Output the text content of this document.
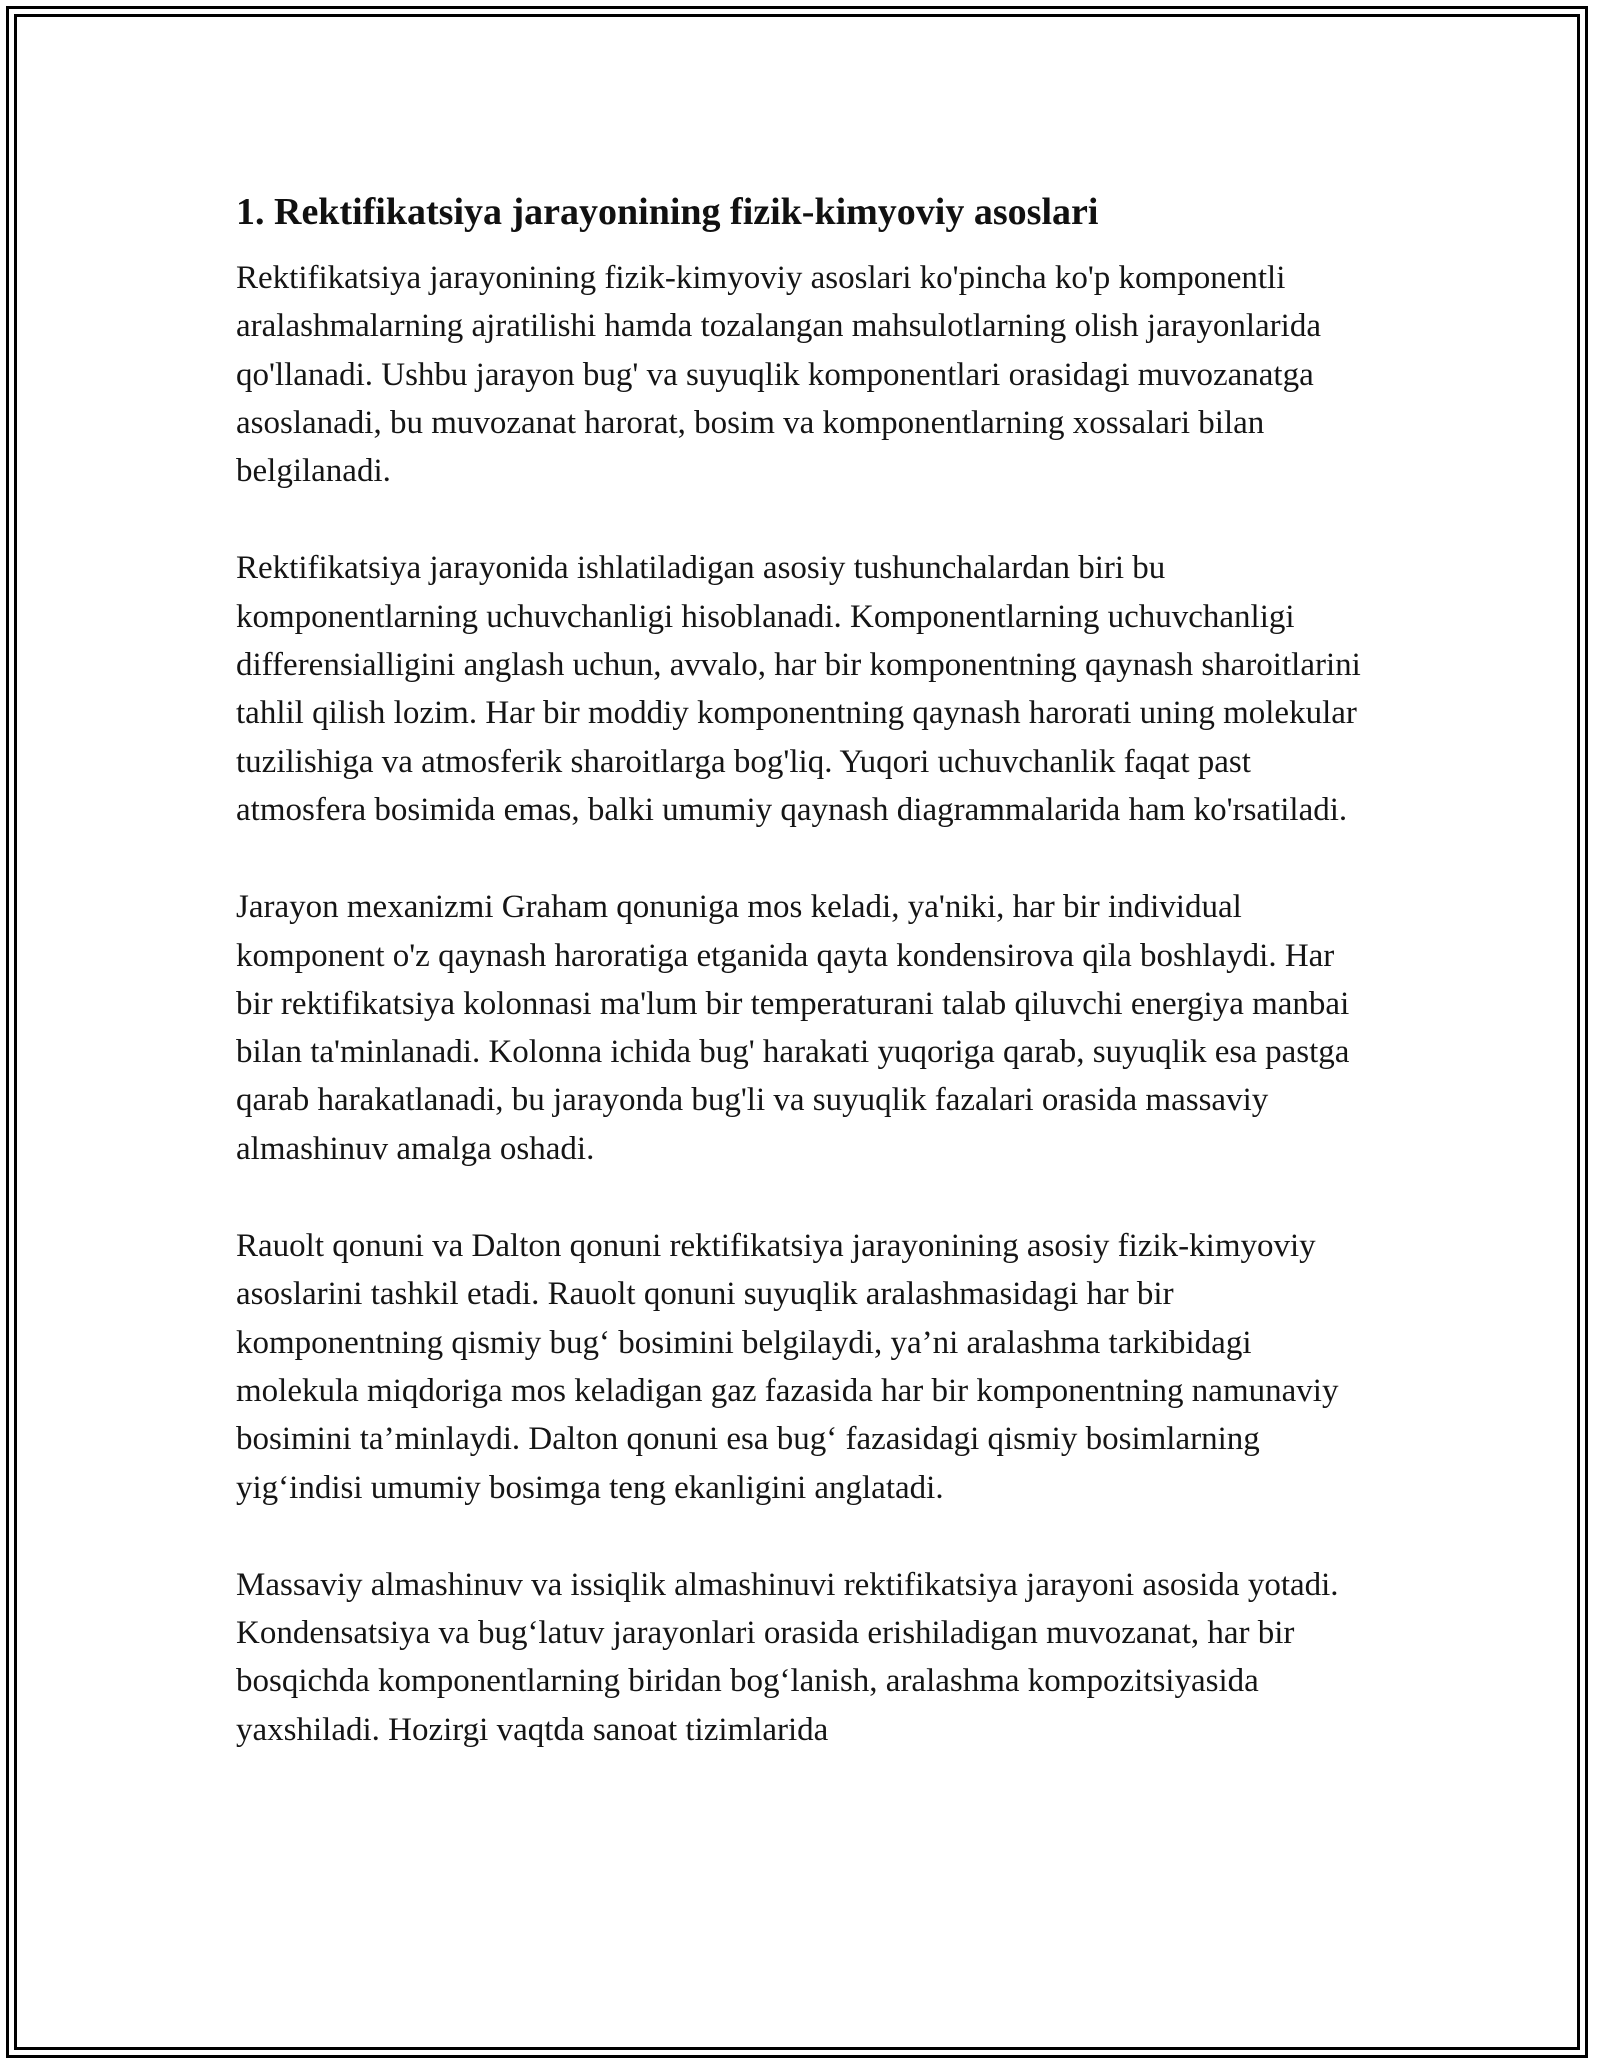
1. Rektifikatsiya jarayonining fizik-kimyoviy asoslari

Rektifikatsiya jarayonining fizik-kimyoviy asoslari ko'pincha ko'p komponentli aralashmalarning ajratilishi hamda tozalangan mahsulotlarning olish jarayonlarida qo'llanadi. Ushbu jarayon bug' va suyuqlik komponentlari orasidagi muvozanatga asoslanadi, bu muvozanat harorat, bosim va komponentlarning xossalari bilan belgilanadi.

Rektifikatsiya jarayonida ishlatiladigan asosiy tushunchalardan biri bu komponentlarning uchuvchanligi hisoblanadi. Komponentlarning uchuvchanligi differensialligini anglash uchun, avvalo, har bir komponentning qaynash sharoitlarini tahlil qilish lozim. Har bir moddiy komponentning qaynash harorati uning molekular tuzilishiga va atmosferik sharoitlarga bog'liq. Yuqori uchuvchanlik faqat past atmosfera bosimida emas, balki umumiy qaynash diagrammalarida ham ko'rsatiladi.

Jarayon mexanizmi Graham qonuniga mos keladi, ya'niki, har bir individual komponent o'z qaynash haroratiga etganida qayta kondensirova qila boshlaydi. Har bir rektifikatsiya kolonnasi ma'lum bir temperaturani talab qiluvchi energiya manbai bilan ta'minlanadi. Kolonna ichida bug' harakati yuqoriga qarab, suyuqlik esa pastga qarab harakatlanadi, bu jarayonda bug'li va suyuqlik fazalari orasida massaviy almashinuv amalga oshadi.

Rauolt qonuni va Dalton qonuni rektifikatsiya jarayonining asosiy fizik-kimyoviy asoslarini tashkil etadi. Rauolt qonuni suyuqlik aralashmasidagi har bir komponentning qismiy bug‘ bosimini belgilaydi, ya’ni aralashma tarkibidagi molekula miqdoriga mos keladigan gaz fazasida har bir komponentning namunaviy bosimini ta’minlaydi. Dalton qonuni esa bug‘ fazasidagi qismiy bosimlarning yig‘indisi umumiy bosimga teng ekanligini anglatadi.

Massaviy almashinuv va issiqlik almashinuvi rektifikatsiya jarayoni asosida yotadi. Kondensatsiya va bug‘latuv jarayonlari orasida erishiladigan muvozanat, har bir bosqichda komponentlarning biridan bog‘lanish, aralashma kompozitsiyasida yaxshiladi. Hozirgi vaqtda sanoat tizimlarida
